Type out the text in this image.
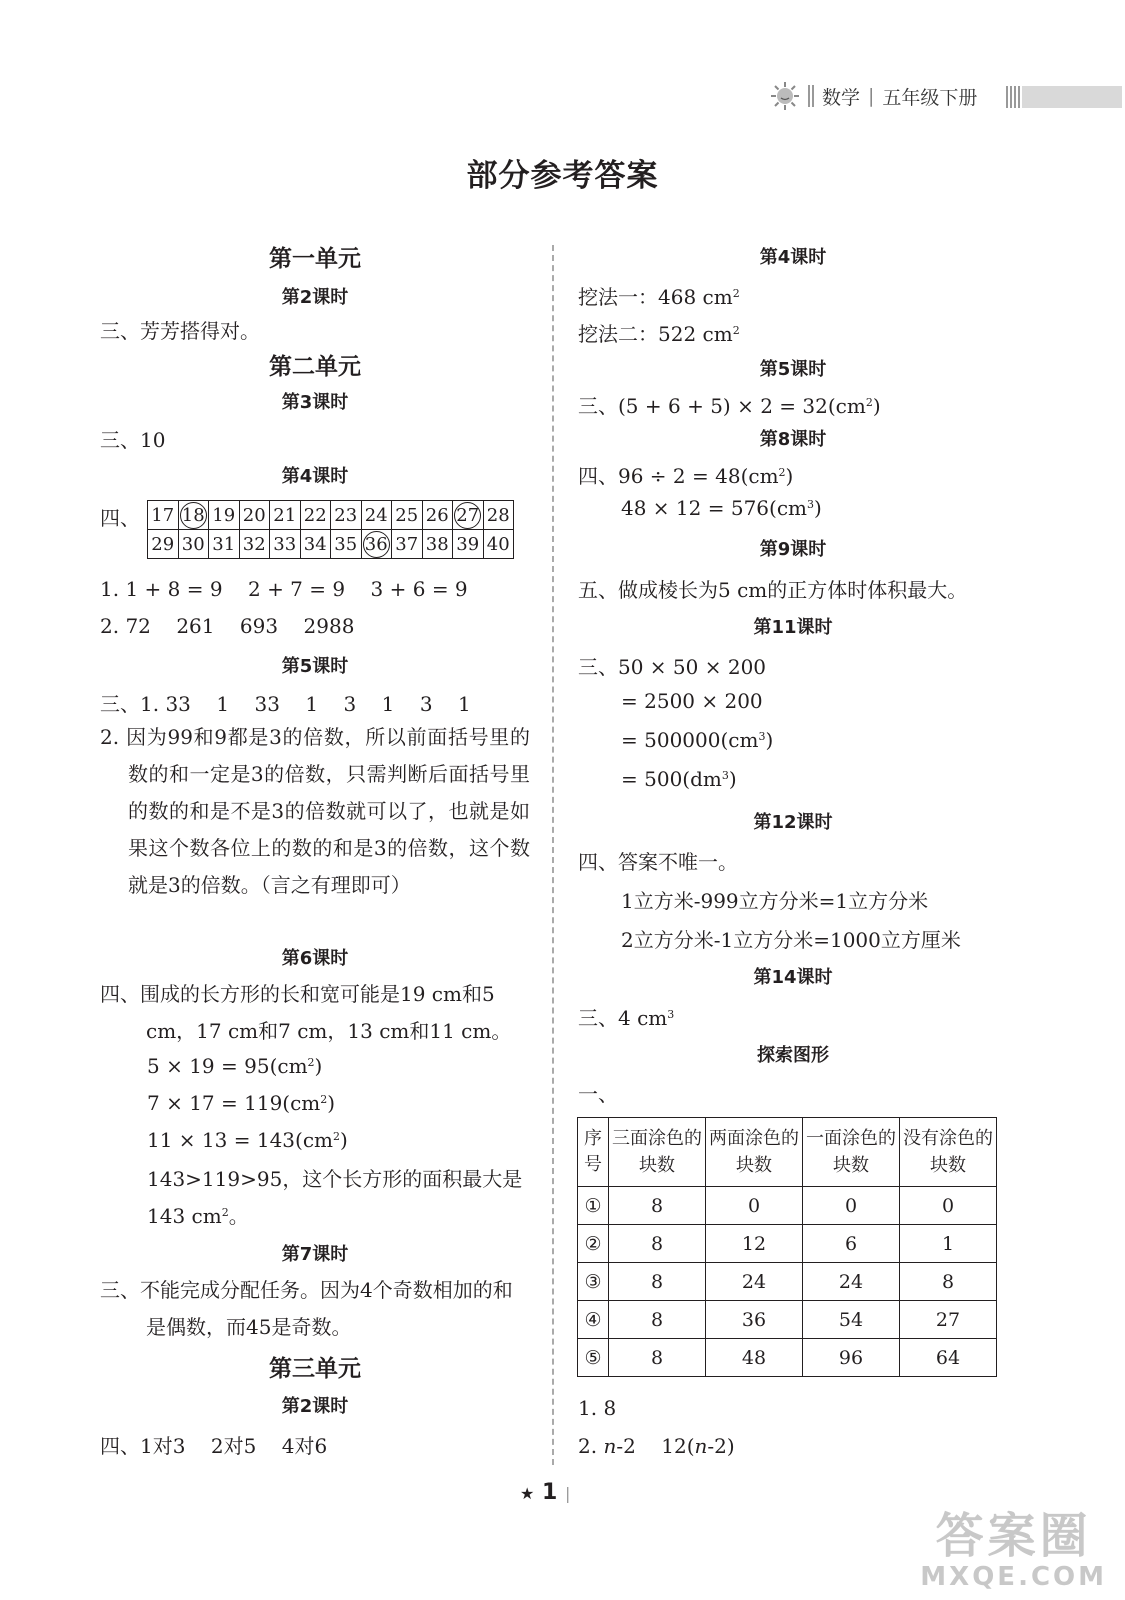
数学 | 五年级下册
部分参考答案
第一单元
第2课时
三、芳芳搭得对。
第二单元
第3课时
三、10
第4课时
四、 17	18	19	20	21	22	23	24	25	26	27	28
29	30	31	32	33	34	35	36	37	38	39	40
1. 1 + 8 = 9    2 + 7 = 9    3 + 6 = 9
2. 72    261    693    2988
第5课时
三、1. 33    1    33    1    3    1    3    1
2. 因为99和9都是3的倍数，所以前面括号里的数的和一定是3的倍数，只需判断后面括号里的数的和是不是3的倍数就可以了，也就是如果这个数各位上的数的和是3的倍数，这个数就是3的倍数。（言之有理即可）
第6课时
四、围成的长方形的长和宽可能是19 cm和5 cm，17 cm和7 cm，13 cm和11 cm。
$5 \times 19 = 95(cm^2)$
$7 \times 17 = 119(cm^2)$
$11 \times 13 = 143(cm^2)$
143>119>95，这个长方形的面积最大是143 $cm^2$。
第7课时
三、不能完成分配任务。因为4个奇数相加的和是偶数，而45是奇数。
第三单元
第2课时
四、1对3    2对5    4对6
第4课时
挖法一：468 $cm^2$
挖法二：522 $cm^2$
第5课时
三、$(5 + 6 + 5) \times 2 = 32(cm^2)$
第8课时
四、$96 \div 2 = 48(cm^2)$
$48 \times 12 = 576(cm^3)$
第9课时
五、做成棱长为5 cm的正方体时体积最大。
第11课时
三、50 × 50 × 200
= 2500 × 200
= $500000(cm^3)$
= $500(dm^3)$
第12课时
四、答案不唯一。
1立方米-999立方分米=1立方分米
2立方分米-1立方分米=1000立方厘米
第14课时
三、4 $cm^3$
探索图形
一、
序号	三面涂色的块数	两面涂色的块数	一面涂色的块数	没有涂色的块数
①	8	0	0	0
②	8	12	6	1
③	8	24	24	8
④	8	36	54	27
⑤	8	48	96	64
1. 8
2. n-2    12(n-2)
★ 1 |
答案圈
MXQE.COM
